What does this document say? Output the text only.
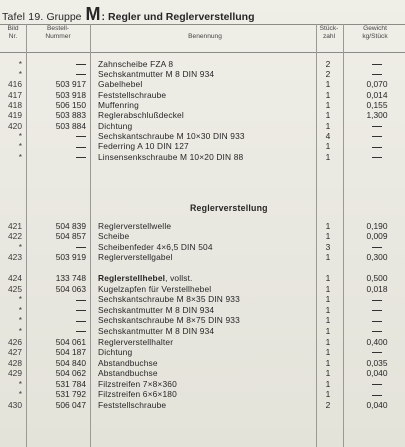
Tafel 19. Gruppe M : Regler und Reglerverstellung
Bild
Nr.
Bestell-
Nummer	Benennung
Stück-
zahl
Gewicht
kg/Stück
*	Zahnscheibe FZA 8	2
*	Sechskantmutter M 8 DIN 934	2
416	503 917 Gabelhebel	1	0,070
417	503 918 Feststellschraube	1	0,014
418	506 150 Muffenring	1	0,155
419	503 883 Reglerabschlußdeckel	1	1,300
420	503 884 Dichtung	1
*	Sechskantschraube M 10×30 DIN 933	4
*	Federring A 10 DIN 127	1
*	Linsensenkschraube M 10×20 DIN 88	1
Reglerverstellung
421	504 839 Reglerverstellwelle	1	0,190
422	504 857 Scheibe	1	0,009
*	Scheibenfeder 4×6,5 DIN 504	3
423	503 919 Reglerverstellgabel	1	0,300
424	133 748 Reglerstellhebel, vollst.	1	0,500
425	504 063 Kugelzapfen für Verstellhebel	1	0,018
*	Sechskantschraube M 8×35 DIN 933	1
*	Sechskantmutter M 8 DIN 934	1
*	Sechskantschraube M 8×75 DIN 933	1
*	Sechskantmutter M 8 DIN 934	1
426	504 061 Reglerverstellhalter	1	0,400
427	504 187 Dichtung	1
428	504 840 Abstandbuchse	1	0,035
429	504 062 Abstandbuchse	1	0,040
*	531 784 Filzstreifen 7×8×360	1
*	531 792 Filzstreifen 6×6×180	1
430	506 047 Feststellschraube	2	0,040
